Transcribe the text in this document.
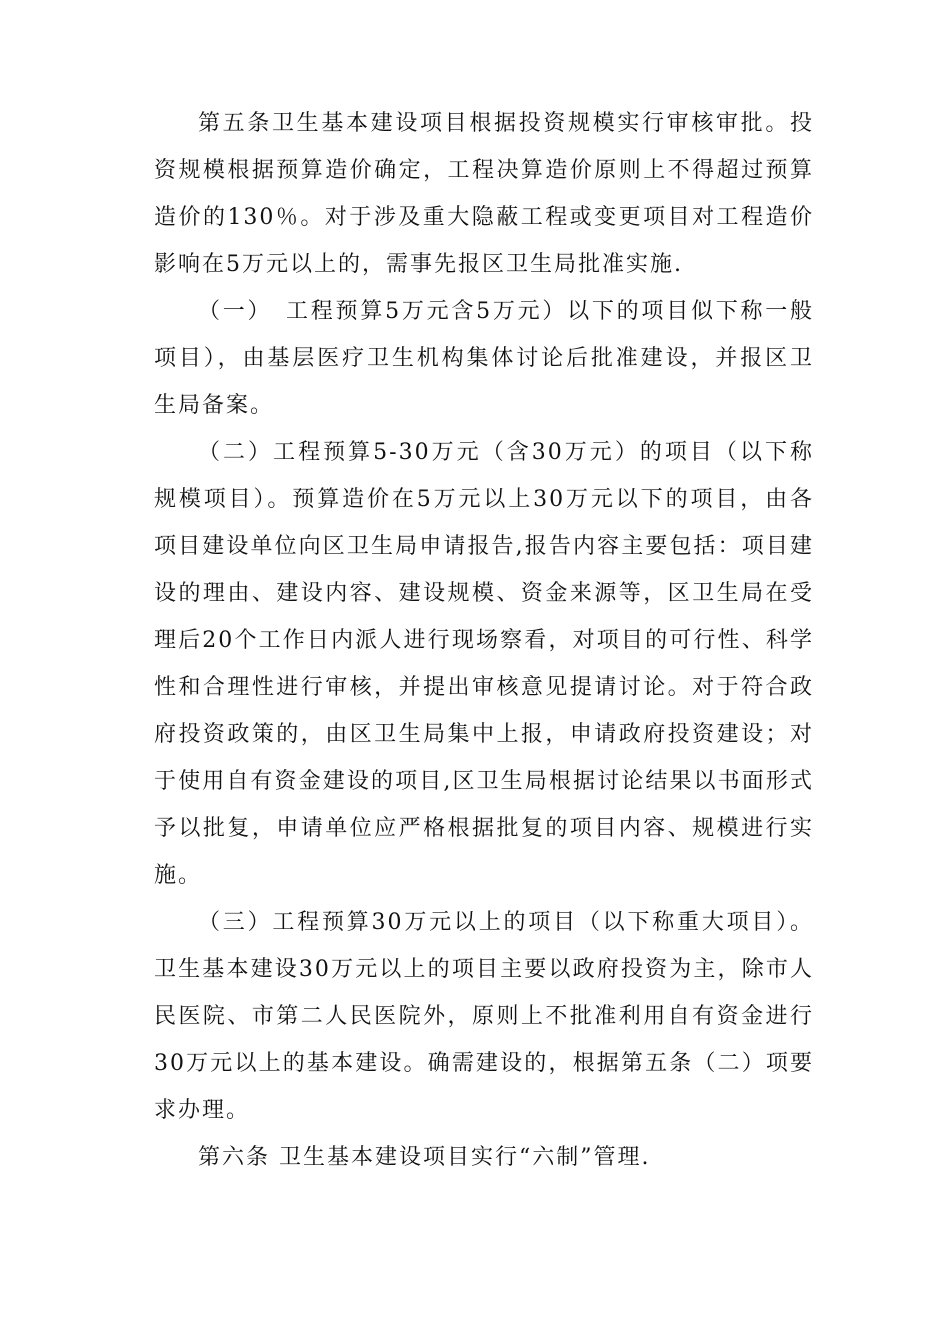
第五条卫生基本建设项目根据投资规模实行审核审批。投资规模根据预算造价确定，工程决算造价原则上不得超过预算造价的130％。对于涉及重大隐蔽工程或变更项目对工程造价影响在5万元以上的，需事先报区卫生局批准实施.

（一）　工程预算5万元含5万元）以下的项目似下称一般项目），由基层医疗卫生机构集体讨论后批准建设，并报区卫生局备案。

（二）工程预算5-30万元（含30万元）的项目（以下称规模项目）。预算造价在5万元以上30万元以下的项目，由各项目建设单位向区卫生局申请报告,报告内容主要包括：项目建设的理由、建设内容、建设规模、资金来源等，区卫生局在受理后20个工作日内派人进行现场察看，对项目的可行性、科学性和合理性进行审核，并提出审核意见提请讨论。对于符合政府投资政策的，由区卫生局集中上报，申请政府投资建设；对于使用自有资金建设的项目,区卫生局根据讨论结果以书面形式予以批复，申请单位应严格根据批复的项目内容、规模进行实施。

（三）工程预算30万元以上的项目（以下称重大项目）。卫生基本建设30万元以上的项目主要以政府投资为主，除市人民医院、市第二人民医院外，原则上不批准利用自有资金进行30万元以上的基本建设。确需建设的，根据第五条（二）项要求办理。

第六条 卫生基本建设项目实行“六制”管理.
